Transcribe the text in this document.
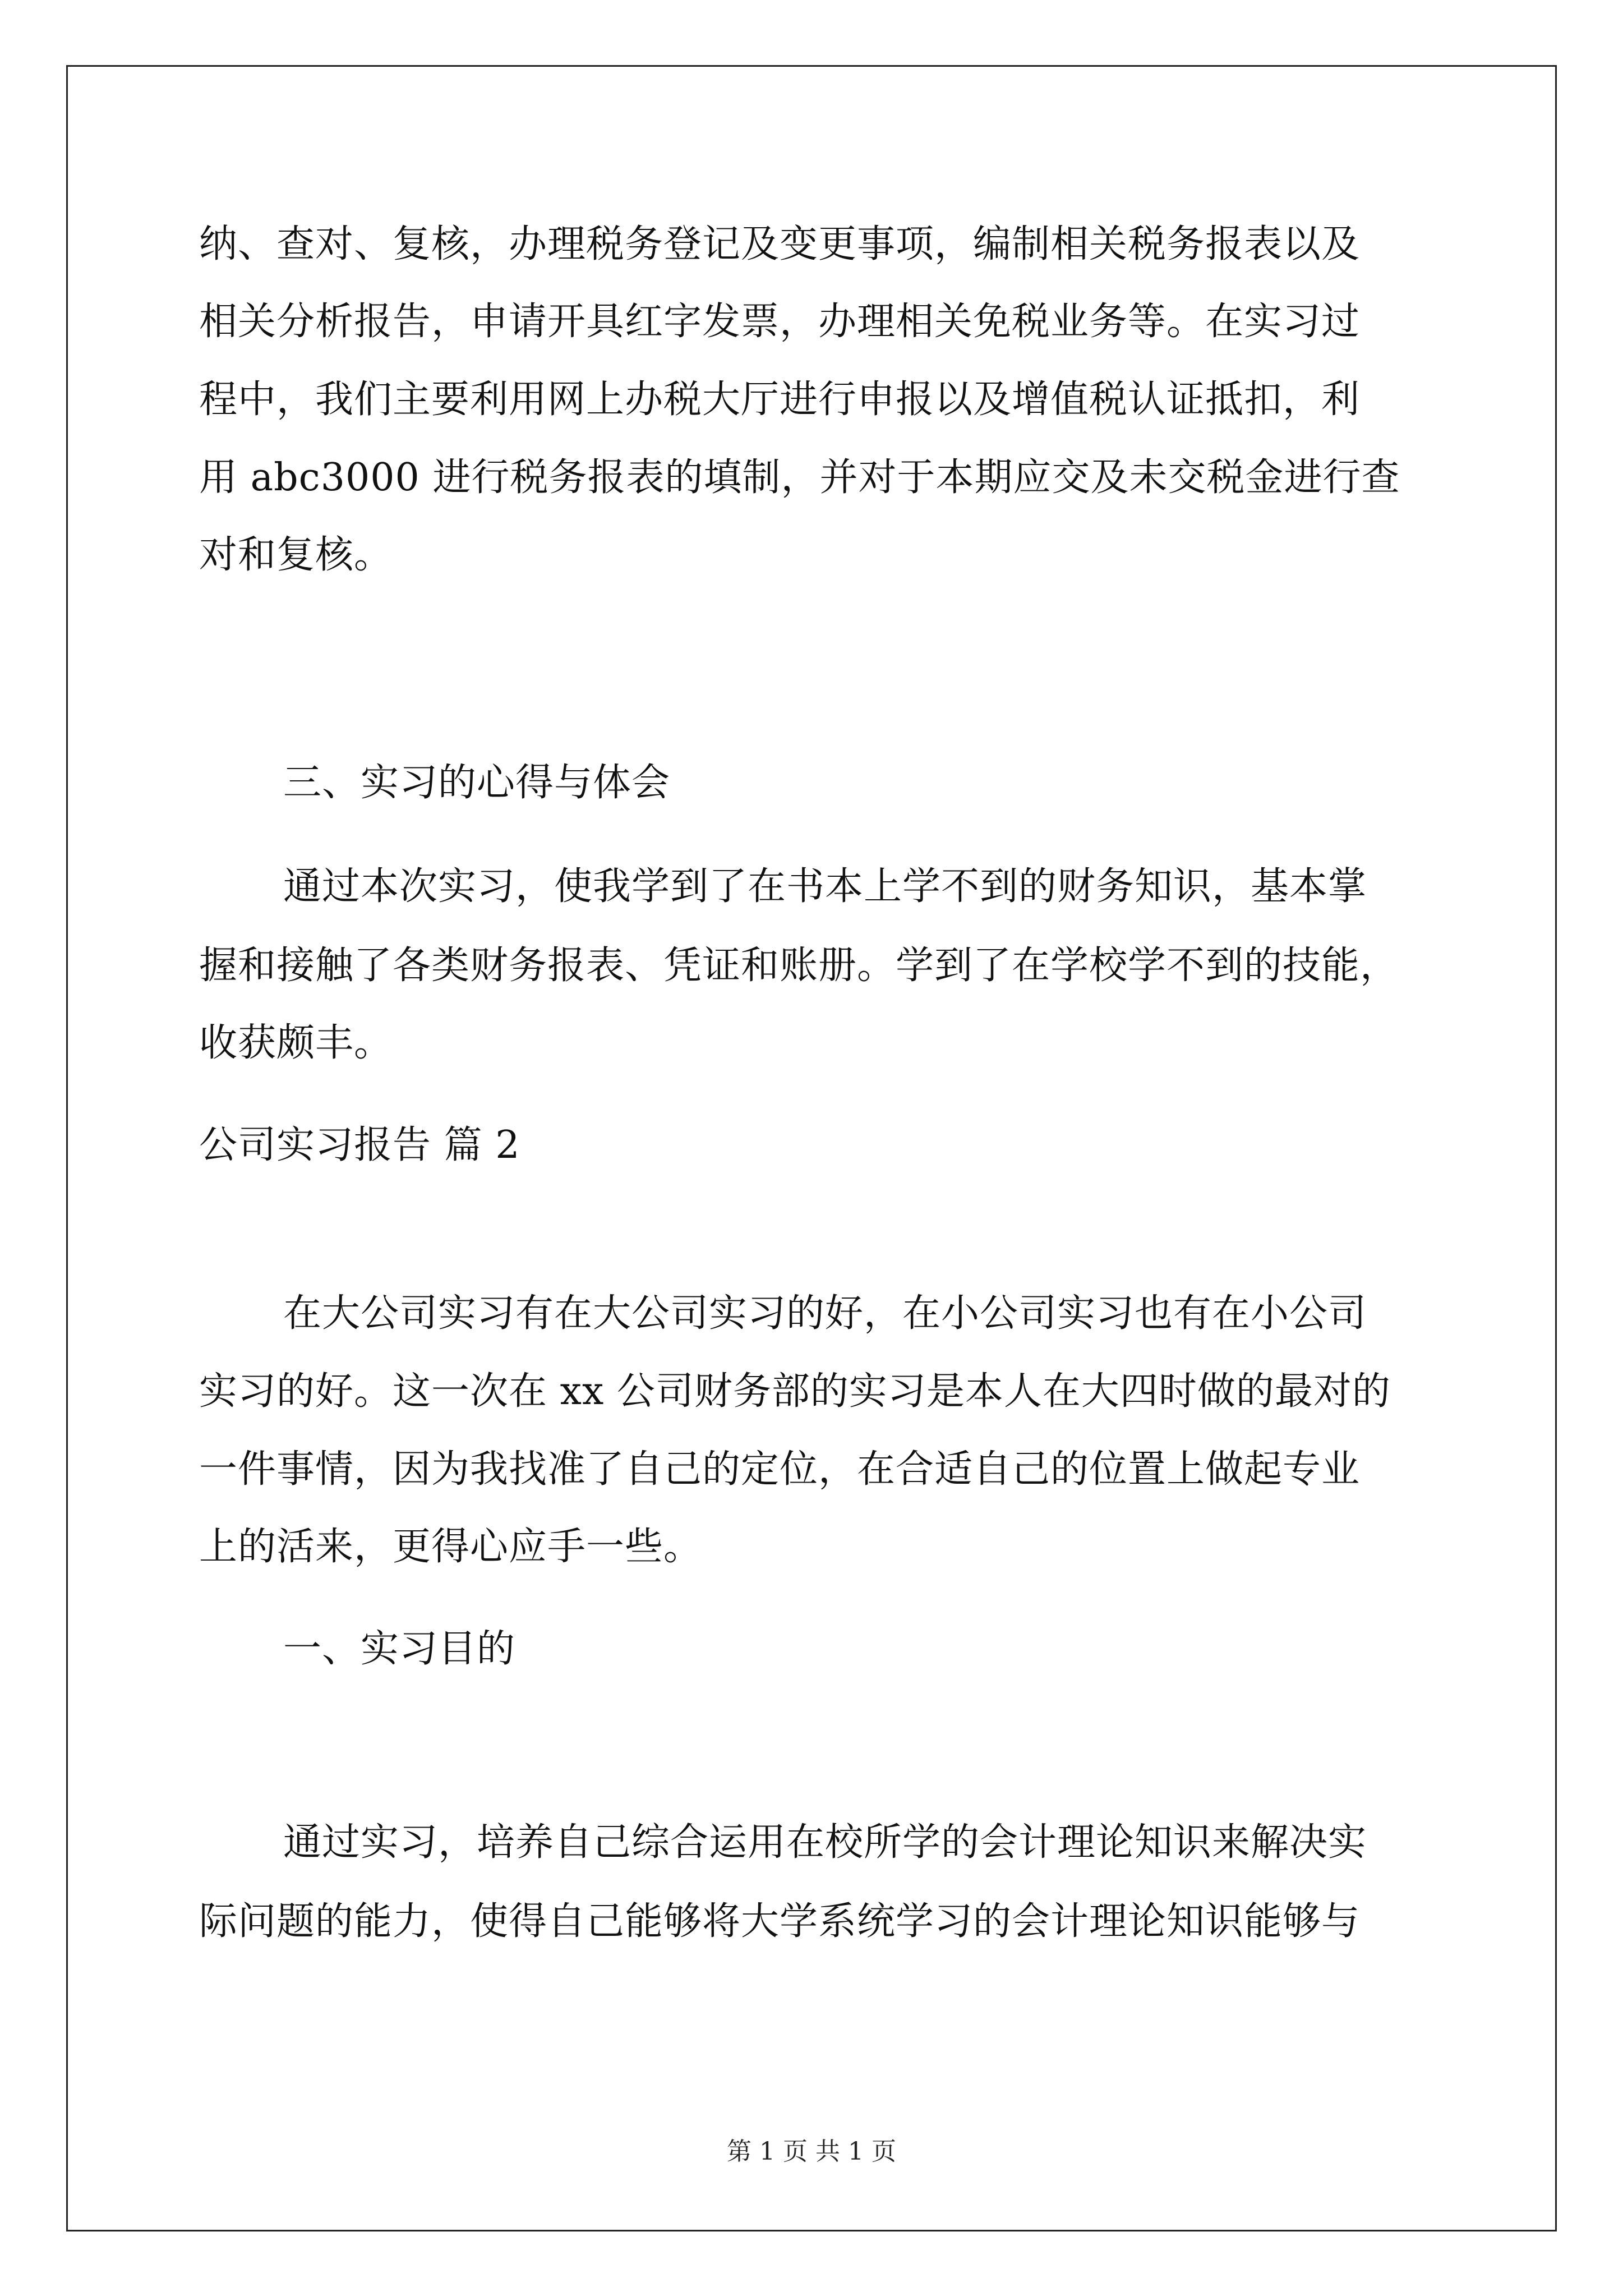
纳、查对、复核，办理税务登记及变更事项，编制相关税务报表以及
相关分析报告，申请开具红字发票，办理相关免税业务等。在实习过
程中，我们主要利用网上办税大厅进行申报以及增值税认证抵扣，利
用 abc3000 进行税务报表的填制，并对于本期应交及未交税金进行查
对和复核。
三、实习的心得与体会
通过本次实习，使我学到了在书本上学不到的财务知识，基本掌
握和接触了各类财务报表、凭证和账册。学到了在学校学不到的技能，
收获颇丰。
公司实习报告 篇 2
在大公司实习有在大公司实习的好，在小公司实习也有在小公司
实习的好。这一次在 xx 公司财务部的实习是本人在大四时做的最对的
一件事情，因为我找准了自己的定位，在合适自己的位置上做起专业
上的活来，更得心应手一些。
一、实习目的
通过实习，培养自己综合运用在校所学的会计理论知识来解决实
际问题的能力，使得自己能够将大学系统学习的会计理论知识能够与
第 1 页 共 1 页
